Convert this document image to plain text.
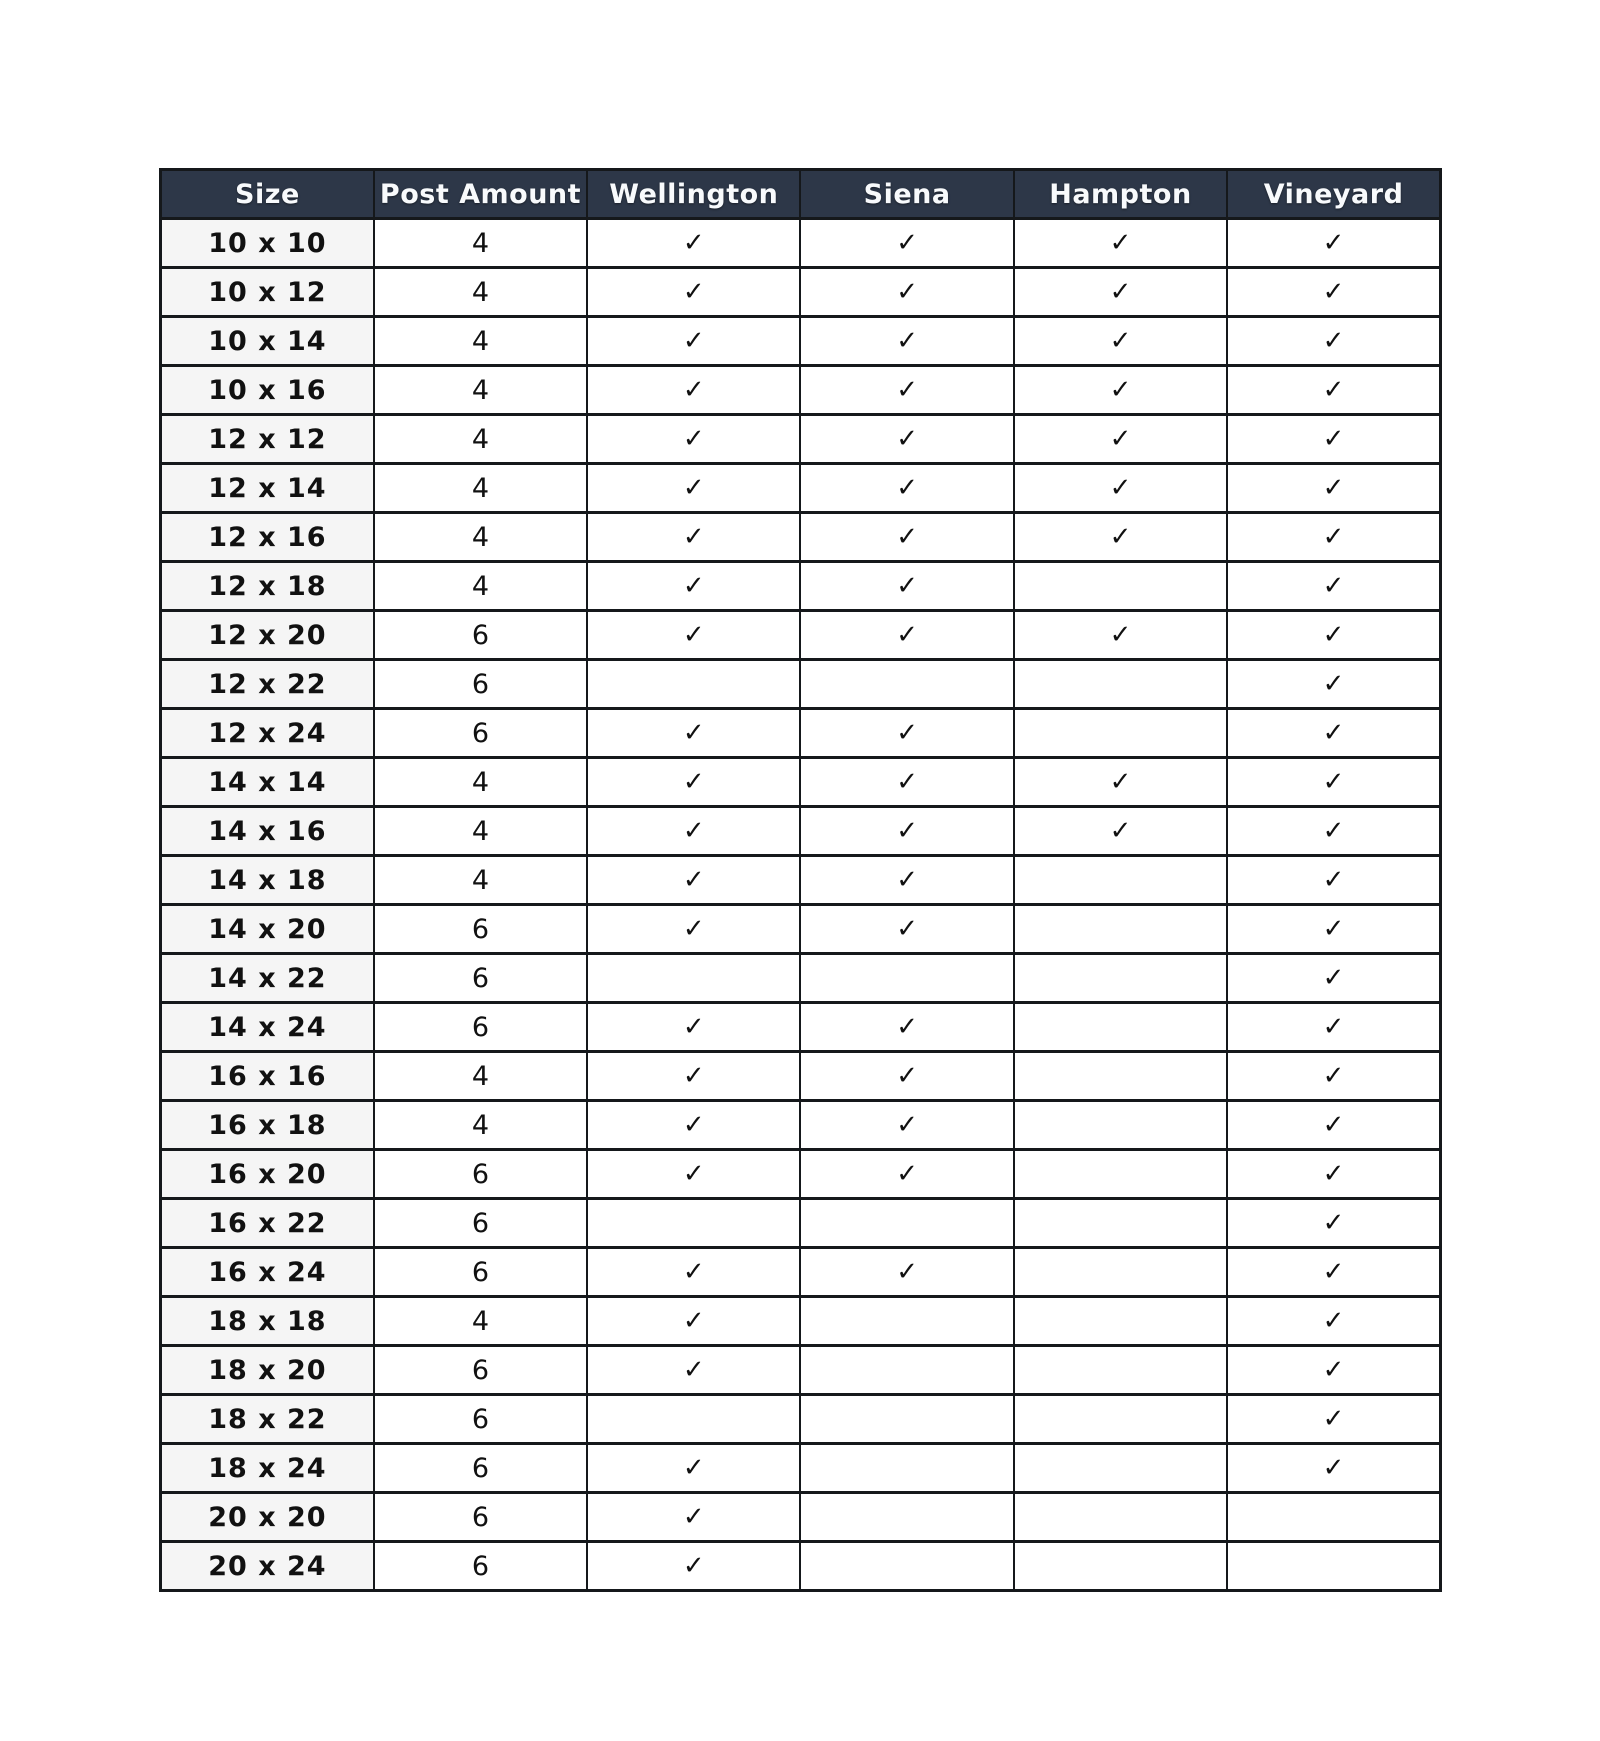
Size	Post Amount	Wellington	Siena	Hampton	Vineyard
10 x 10	4	✓	✓	✓	✓
10 x 12	4	✓	✓	✓	✓
10 x 14	4	✓	✓	✓	✓
10 x 16	4	✓	✓	✓	✓
12 x 12	4	✓	✓	✓	✓
12 x 14	4	✓	✓	✓	✓
12 x 16	4	✓	✓	✓	✓
12 x 18	4	✓	✓		✓
12 x 20	6	✓	✓	✓	✓
12 x 22	6				✓
12 x 24	6	✓	✓		✓
14 x 14	4	✓	✓	✓	✓
14 x 16	4	✓	✓	✓	✓
14 x 18	4	✓	✓		✓
14 x 20	6	✓	✓		✓
14 x 22	6				✓
14 x 24	6	✓	✓		✓
16 x 16	4	✓	✓		✓
16 x 18	4	✓	✓		✓
16 x 20	6	✓	✓		✓
16 x 22	6				✓
16 x 24	6	✓	✓		✓
18 x 18	4	✓			✓
18 x 20	6	✓			✓
18 x 22	6				✓
18 x 24	6	✓			✓
20 x 20	6	✓			
20 x 24	6	✓			
